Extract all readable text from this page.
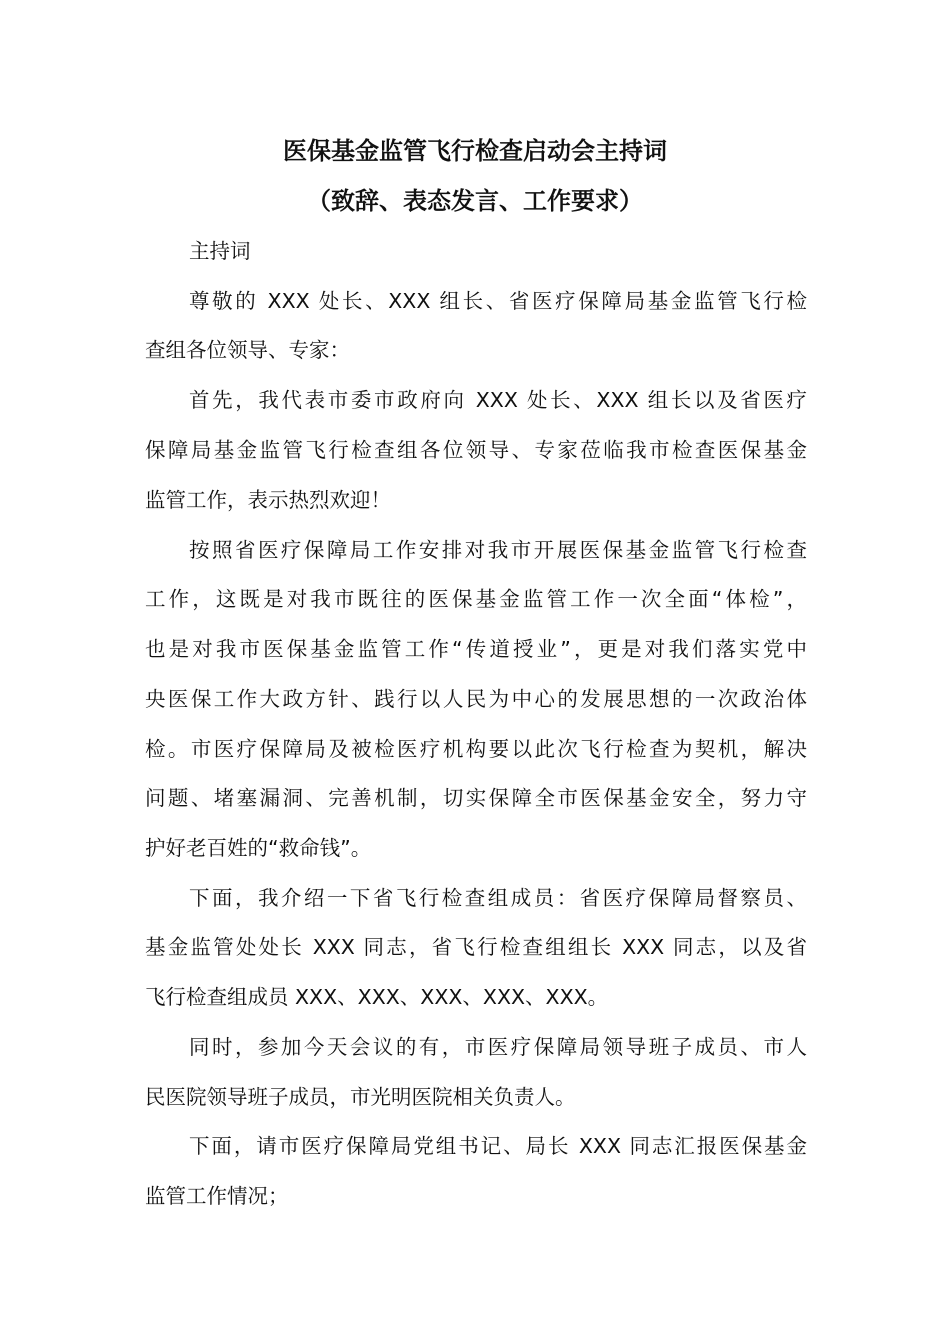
医保基金监管飞行检查启动会主持词
（致辞、表态发言、工作要求）
主持词
尊敬的 XXX 处长、XXX 组长、省医疗保障局基金监管飞行检
查组各位领导、专家：
首先，我代表市委市政府向 XXX 处长、XXX 组长以及省医疗
保障局基金监管飞行检查组各位领导、专家莅临我市检查医保基金
监管工作，表示热烈欢迎！
按照省医疗保障局工作安排对我市开展医保基金监管飞行检查
工作，这既是对我市既往的医保基金监管工作一次全面“体检”，
也是对我市医保基金监管工作“传道授业”，更是对我们落实党中
央医保工作大政方针、践行以人民为中心的发展思想的一次政治体
检。市医疗保障局及被检医疗机构要以此次飞行检查为契机，解决
问题、堵塞漏洞、完善机制，切实保障全市医保基金安全，努力守
护好老百姓的“救命钱”。
下面，我介绍一下省飞行检查组成员：省医疗保障局督察员、
基金监管处处长 XXX 同志，省飞行检查组组长 XXX 同志，以及省
飞行检查组成员 XXX、XXX、XXX、XXX、XXX。
同时，参加今天会议的有，市医疗保障局领导班子成员、市人
民医院领导班子成员，市光明医院相关负责人。
下面，请市医疗保障局党组书记、局长 XXX 同志汇报医保基金
监管工作情况；
